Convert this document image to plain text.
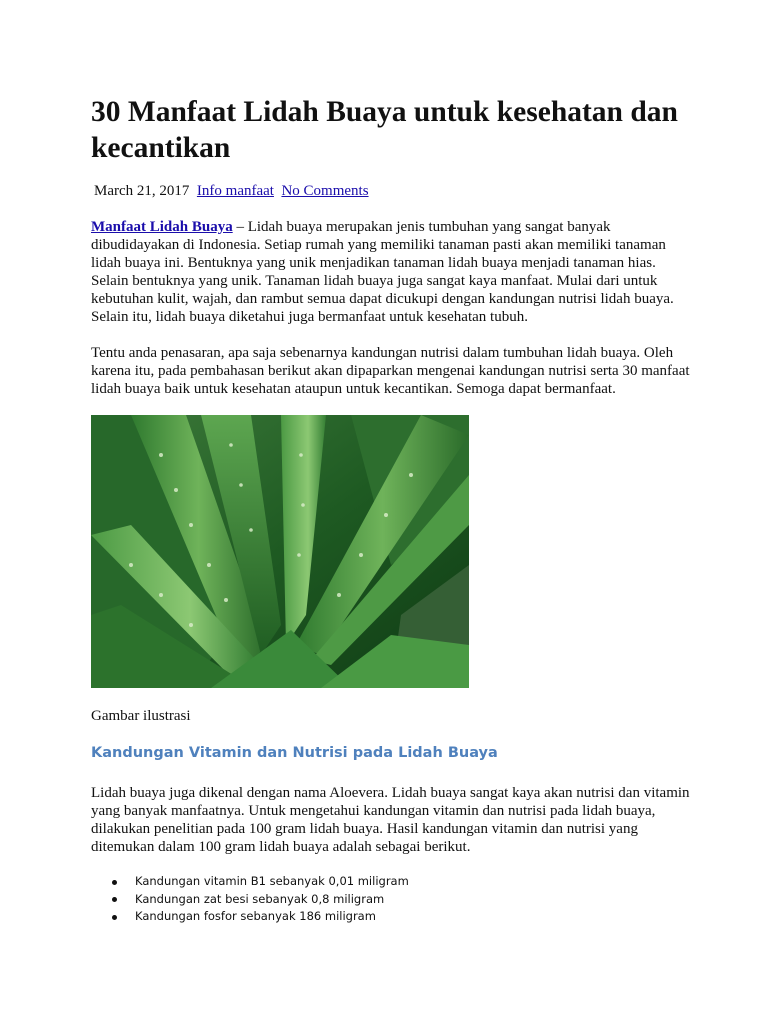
30 Manfaat Lidah Buaya untuk kesehatan dan kecantikan

March 21, 2017 Info manfaat No Comments

Manfaat Lidah Buaya – Lidah buaya merupakan jenis tumbuhan yang sangat banyak dibudidayakan di Indonesia. Setiap rumah yang memiliki tanaman pasti akan memiliki tanaman lidah buaya ini. Bentuknya yang unik menjadikan tanaman lidah buaya menjadi tanaman hias. Selain bentuknya yang unik. Tanaman lidah buaya juga sangat kaya manfaat. Mulai dari untuk kebutuhan kulit, wajah, dan rambut semua dapat dicukupi dengan kandungan nutrisi lidah buaya. Selain itu, lidah buaya diketahui juga bermanfaat untuk kesehatan tubuh.

Tentu anda penasaran, apa saja sebenarnya kandungan nutrisi dalam tumbuhan lidah buaya. Oleh karena itu, pada pembahasan berikut akan dipaparkan mengenai kandungan nutrisi serta 30 manfaat lidah buaya baik untuk kesehatan ataupun untuk kecantikan. Semoga dapat bermanfaat.

Gambar ilustrasi

Kandungan Vitamin dan Nutrisi pada Lidah Buaya

Lidah buaya juga dikenal dengan nama Aloevera. Lidah buaya sangat kaya akan nutrisi dan vitamin yang banyak manfaatnya. Untuk mengetahui kandungan vitamin dan nutrisi pada lidah buaya, dilakukan penelitian pada 100 gram lidah buaya. Hasil kandungan vitamin dan nutrisi yang ditemukan dalam 100 gram lidah buaya adalah sebagai berikut.

Kandungan vitamin B1 sebanyak 0,01 miligram
Kandungan zat besi sebanyak 0,8 miligram
Kandungan fosfor sebanyak 186 miligram
